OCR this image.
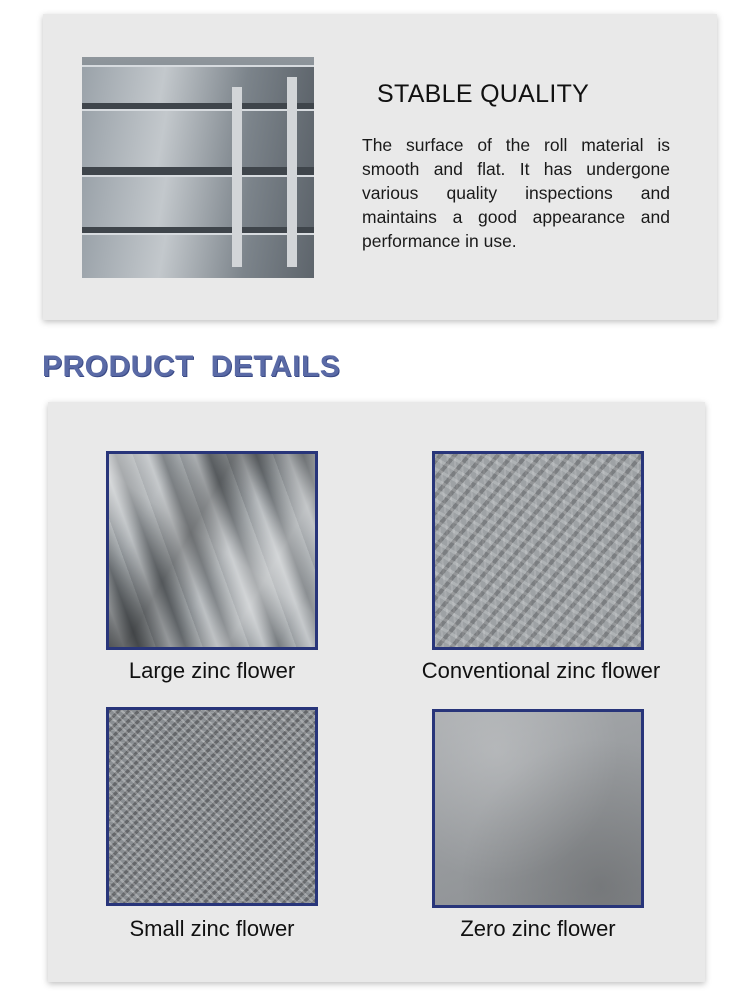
STABLE QUALITY
The surface of the roll material is smooth and flat. It has undergone various quality inspections and maintains a good appearance and performance in use.
PRODUCT DETAILS
Large zinc flower	Conventional zinc flower
Small zinc flower	Zero zinc flower
